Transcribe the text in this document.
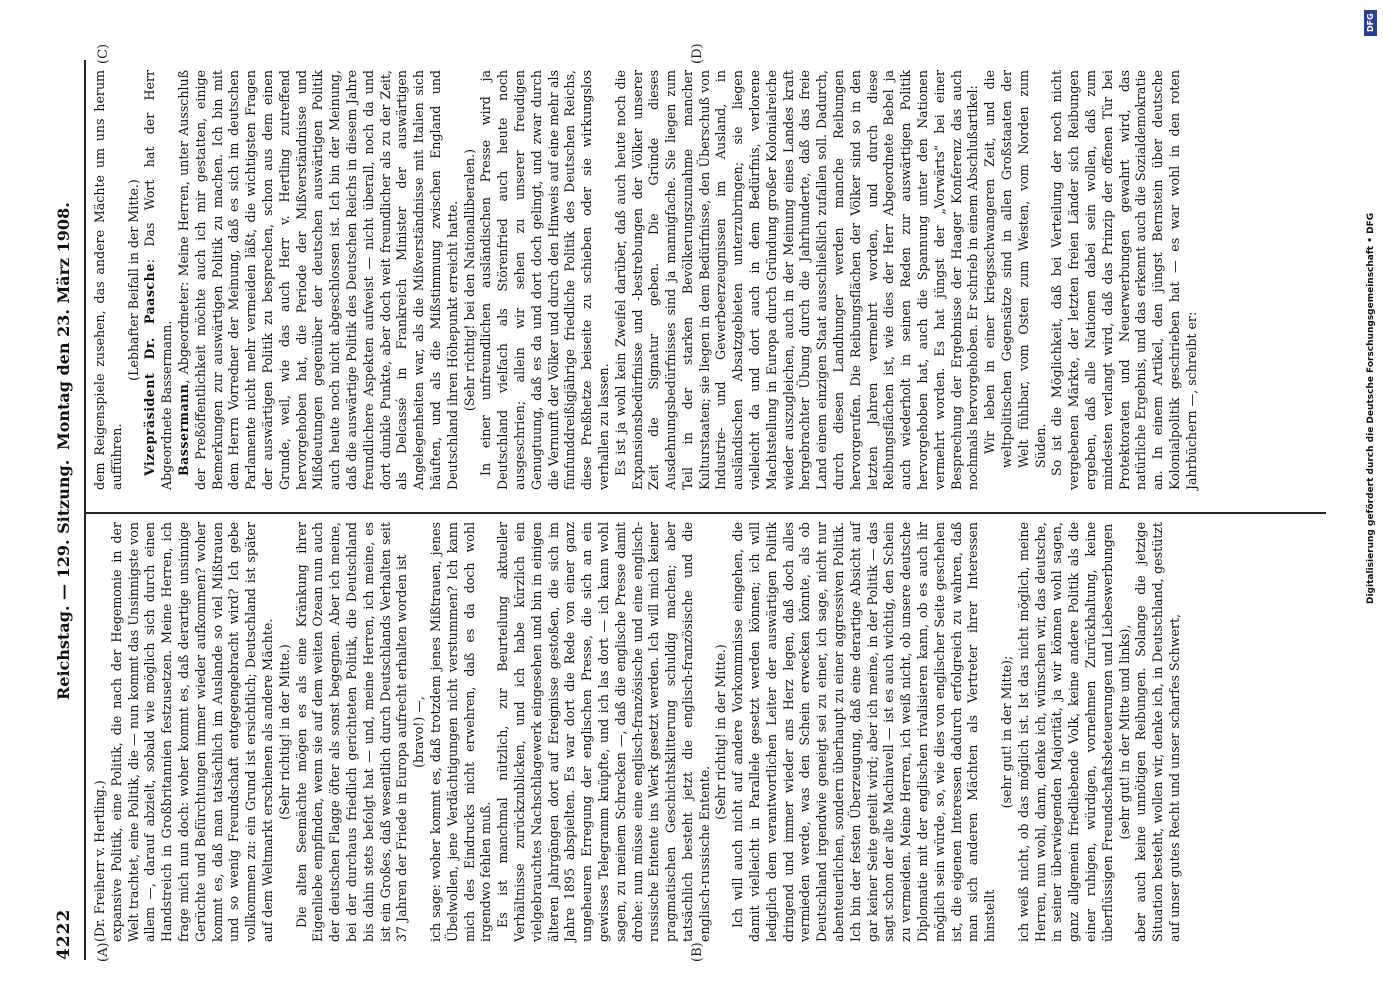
4222
Reichstag. — 129. Sitzung.
Montag den 23. März 1908.
(A)	(B)
(C)	(D)

(Dr. Freiherr v. Hertling.) expansive Politik, eine Politik, die nach der Hegemonie in der Welt trachtet, eine Politik, die — nun kommt das Unsinnigste von allem —, darauf abzielt, sobald wie möglich sich durch einen Handstreich in Großbritannien festzusetzen. Meine Herren, ich frage mich nun doch: woher kommt es, daß derartige unsinnige Gerüchte und Befürchtungen immer wieder aufkommen? woher kommt es, daß man tatsächlich im Auslande so viel Mißtrauen und so wenig Freundschaft entgegengebracht wird? Ich gebe vollkommen zu: ein Grund ist ersichtlich; Deutschland ist später auf dem Weltmarkt erschienen als andere Mächte. (Sehr richtig! in der Mitte.) Die alten Seemächte mögen es als eine Kränkung ihrer Eigenliebe empfinden, wenn sie auf dem weiten Ozean nun auch der deutschen Flagge öfter als sonst begegnen. Aber ich meine, bei der durchaus friedlich gerichteten Politik, die Deutschland bis dahin stets befolgt hat — und, meine Herren, ich meine, es ist ein Großes, daß wesentlich durch Deutschlands Verhalten seit 37 Jahren der Friede in Europa aufrecht erhalten worden ist (bravo!) —, ich sage: woher kommt es, daß trotzdem jenes Mißtrauen, jenes Übelwollen, jene Verdächtigungen nicht verstummen? Ich kann mich des Eindrucks nicht erwehren, daß es da doch wohl irgendwo fehlen muß. Es ist manchmal nützlich, zur Beurteilung aktueller Verhältnisse zurückzublicken, und ich habe kürzlich ein vielgebrauchtes Nachschlagewerk eingesehen und bin in einigen älteren Jahrgängen dort auf Ereignisse gestoßen, die sich im Jahre 1895 abspielten. Es war dort die Rede von einer ganz ungeheuren Erregung der englischen Presse, die sich an ein gewisses Telegramm knüpfte, und ich las dort — ich kann wohl sagen, zu meinem Schrecken —, daß die englische Presse damit drohe: nun müsse eine englisch-französische und eine englisch-russische Entente ins Werk gesetzt werden. Ich will mich keiner pragmatischen Geschichtsklitterung schuldig machen; aber tatsächlich besteht jetzt die englisch-französische und die englisch-russische Entente.

(Sehr richtig! in der Mitte.) Ich will auch nicht auf andere Vorkommnisse eingehen, die damit vielleicht in Parallele gesetzt werden können; ich will lediglich dem verantwortlichen Leiter der auswärtigen Politik dringend und immer wieder ans Herz legen, daß doch alles vermieden werde, was den Schein erwecken könnte, als ob Deutschland irgendwie geneigt sei zu einer, ich sage, nicht nur abenteuerlichen, sondern überhaupt zu einer aggressiven Politik. Ich bin der festen Überzeugung, daß eine derartige Absicht auf gar keiner Seite geteilt wird; aber ich meine, in der Politik — das sagt schon der alte Machiavell — ist es auch wichtig, den Schein zu vermeiden. Meine Herren, ich weiß nicht, ob unsere deutsche Diplomatie mit der englischen rivalisieren kann, ob es auch ihr möglich sein würde, so, wie dies von englischer Seite geschehen ist, die eigenen Interessen dadurch erfolgreich zu wahren, daß man sich anderen Mächten als Vertreter ihrer Interessen hinstellt

(sehr gut! in der Mitte); ich weiß nicht, ob das möglich ist. Ist das nicht möglich, meine Herren, nun wohl, dann, denke ich, wünschen wir, das deutsche, in seiner überwiegenden Majorität, ja wir können wohl sagen, ganz allgemein friedliebende Volk, keine andere Politik als die einer ruhigen, würdigen, vornehmen Zurückhaltung, keine überflüssigen Freundschaftsbeteuerungen und Liebeswerbungen (sehr gut! in der Mitte und links), aber auch keine unnötigen Reibungen. Solange die jetzige Situation besteht, wollen wir, denke ich, in Deutschland, gestützt auf unser gutes Recht und unser scharfes Schwert,

dem Reigenspiele zusehen, das andere Mächte um uns herum aufführen.

(Lebhafter Beifall in der Mitte.) Vizepräsident Dr. Paasche: Das Wort hat der Herr Abgeordnete Bassermann. Bassermann, Abgeordneter: Meine Herren, unter Ausschluß der Preßöffentlichkeit möchte auch ich mir gestatten, einige Bemerkungen zur auswärtigen Politik zu machen. Ich bin mit dem Herrn Vorredner der Meinung, daß es sich im deutschen Parlamente nicht mehr vermeiden läßt, die wichtigsten Fragen der auswärtigen Politik zu besprechen, schon aus dem einen Grunde, weil, wie das auch Herr v. Hertling zutreffend hervorgehoben hat, die Periode der Mißverständnisse und Mißdeutungen gegenüber der deutschen auswärtigen Politik auch heute noch nicht abgeschlossen ist. Ich bin der Meinung, daß die auswärtige Politik des Deutschen Reichs in diesem Jahre freundlichere Aspekten aufweist — nicht überall, noch da und dort dunkle Punkte, aber doch weit freundlicher als zu der Zeit, als Delcassé in Frankreich Minister der auswärtigen Angelegenheiten war, als die Mißverständnisse mit Italien sich häuften, und als die Mißstimmung zwischen England und Deutschland ihren Höhepunkt erreicht hatte. (Sehr richtig! bei den Nationalliberalen.) In einer unfreundlichen ausländischen Presse wird ja Deutschland vielfach als Störenfried auch heute noch ausgeschrien; allein wir sehen zu unserer freudigen Genugtuung, daß es da und dort doch gelingt, und zwar durch die Vernunft der Völker und durch den Hinweis auf eine mehr als fünfunddreißigjährige friedliche Politik des Deutschen Reichs, diese Preßhetze beiseite zu schieben oder sie wirkungslos verhallen zu lassen. Es ist ja wohl kein Zweifel darüber, daß auch heute noch die Expansionsbedürfnisse und -bestrebungen der Völker unserer Zeit die Signatur geben. Die Gründe dieses Ausdehnungsbedürfnisses sind ja mannigfache. Sie liegen zum Teil in der starken Bevölkerungszunahme mancher Kulturstaaten; sie liegen in dem Bedürfnisse, den Überschuß von Industrie- und Gewerbeerzeugnissen im Ausland, in ausländischen Absatzgebieten unterzubringen; sie liegen vielleicht da und dort auch in dem Bedürfnis, verlorene Machtstellung in Europa durch Gründung großer Kolonialreiche wieder auszugleichen, auch in der Meinung eines Landes kraft hergebrachter Übung durch die Jahrhunderte, daß das freie Land einem einzigen Staat ausschließlich zufallen soll. Dadurch, durch diesen Landhunger werden manche Reibungen hervorgerufen. Die Reibungsflächen der Völker sind so in den letzten Jahren vermehrt worden, und durch diese Reibungsflächen ist, wie dies der Herr Abgeordnete Bebel ja auch wiederholt in seinen Reden zur auswärtigen Politik hervorgehoben hat, auch die Spannung unter den Nationen vermehrt worden. Es hat jüngst der „Vorwärts“ bei einer Besprechung der Ergebnisse der Haager Konferenz das auch nochmals hervorgehoben. Er schrieb in einem Abschlußartikel: Wir leben in einer kriegsschwangeren Zeit, und die weltpolitischen Gegensätze sind in allen Großstaaten der Welt fühlbar, vom Osten zum Westen, vom Norden zum Süden. So ist die Möglichkeit, daß bei Verteilung der noch nicht vergebenen Märkte, der letzten freien Länder sich Reibungen ergeben, daß alle Nationen dabei sein wollen, daß zum mindesten verlangt wird, daß das Prinzip der offenen Tür bei Protektoraten und Neuerwerbungen gewahrt wird, das natürliche Ergebnis, und das erkennt auch die Sozialdemokratie an. In einem Artikel, den jüngst Bernstein über deutsche Kolonialpolitik geschrieben hat — es war wohl in den roten Jahrbüchern —, schreibt er:

DFG
Digitalisierung gefördert durch die Deutsche Forschungsgemeinschaft • DFG
